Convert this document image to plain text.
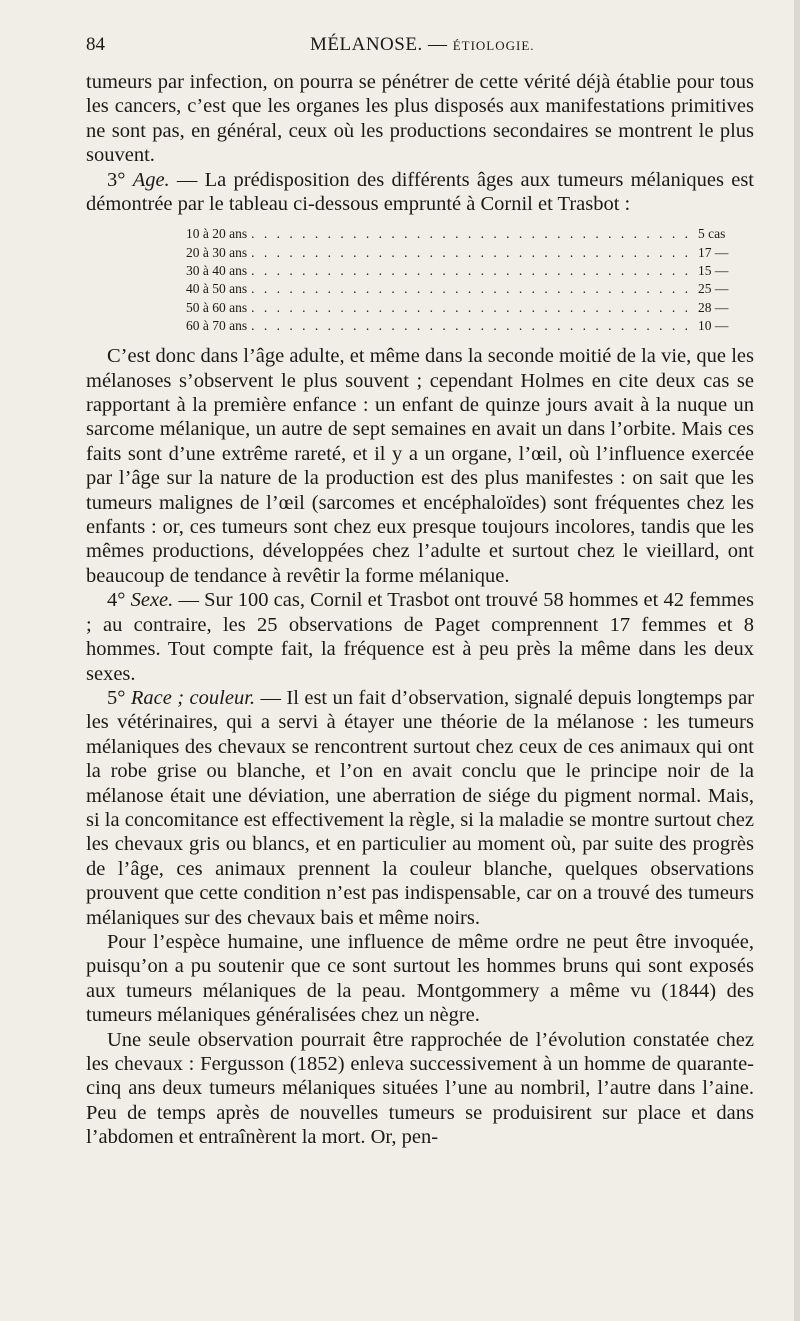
84	MÉLANOSE. — ÉTIOLOGIE.

tumeurs par infection, on pourra se pénétrer de cette vérité déjà établie pour tous les cancers, c’est que les organes les plus disposés aux manifestations primitives ne sont pas, en général, ceux où les productions secondaires se montrent le plus souvent.

3° Age. — La prédisposition des différents âges aux tumeurs mélaniques est démontrée par le tableau ci-dessous emprunté à Cornil et Trasbot :

10 à 20 ans . . .	5 cas
20 à 30 ans . . .	17 —
30 à 40 ans . . .	15 —
40 à 50 ans . . .	25 —
50 à 60 ans . . .	28 —
60 à 70 ans . . .	10 —

C’est donc dans l’âge adulte, et même dans la seconde moitié de la vie, que les mélanoses s’observent le plus souvent ; cependant Holmes en cite deux cas se rapportant à la première enfance : un enfant de quinze jours avait à la nuque un sarcome mélanique, un autre de sept semaines en avait un dans l’orbite. Mais ces faits sont d’une extrême rareté, et il y a un organe, l’œil, où l’influence exercée par l’âge sur la nature de la production est des plus manifestes : on sait que les tumeurs malignes de l’œil (sarcomes et encéphaloïdes) sont fréquentes chez les enfants : or, ces tumeurs sont chez eux presque toujours incolores, tandis que les mêmes productions, développées chez l’adulte et surtout chez le vieillard, ont beaucoup de tendance à revêtir la forme mélanique.

4° Sexe. — Sur 100 cas, Cornil et Trasbot ont trouvé 58 hommes et 42 femmes ; au contraire, les 25 observations de Paget comprennent 17 femmes et 8 hommes. Tout compte fait, la fréquence est à peu près la même dans les deux sexes.

5° Race ; couleur. — Il est un fait d’observation, signalé depuis longtemps par les vétérinaires, qui a servi à étayer une théorie de la mélanose : les tumeurs mélaniques des chevaux se rencontrent surtout chez ceux de ces animaux qui ont la robe grise ou blanche, et l’on en avait conclu que le principe noir de la mélanose était une déviation, une aberration de siége du pigment normal. Mais, si la concomitance est effectivement la règle, si la maladie se montre surtout chez les chevaux gris ou blancs, et en particulier au moment où, par suite des progrès de l’âge, ces animaux prennent la couleur blanche, quelques observations prouvent que cette condition n’est pas indispensable, car on a trouvé des tumeurs mélaniques sur des chevaux bais et même noirs.

Pour l’espèce humaine, une influence de même ordre ne peut être invoquée, puisqu’on a pu soutenir que ce sont surtout les hommes bruns qui sont exposés aux tumeurs mélaniques de la peau. Montgommery a même vu (1844) des tumeurs mélaniques généralisées chez un nègre.

Une seule observation pourrait être rapprochée de l’évolution constatée chez les chevaux : Fergusson (1852) enleva successivement à un homme de quarante-cinq ans deux tumeurs mélaniques situées l’une au nombril, l’autre dans l’aine. Peu de temps après de nouvelles tumeurs se produisirent sur place et dans l’abdomen et entraînèrent la mort. Or, pen-
